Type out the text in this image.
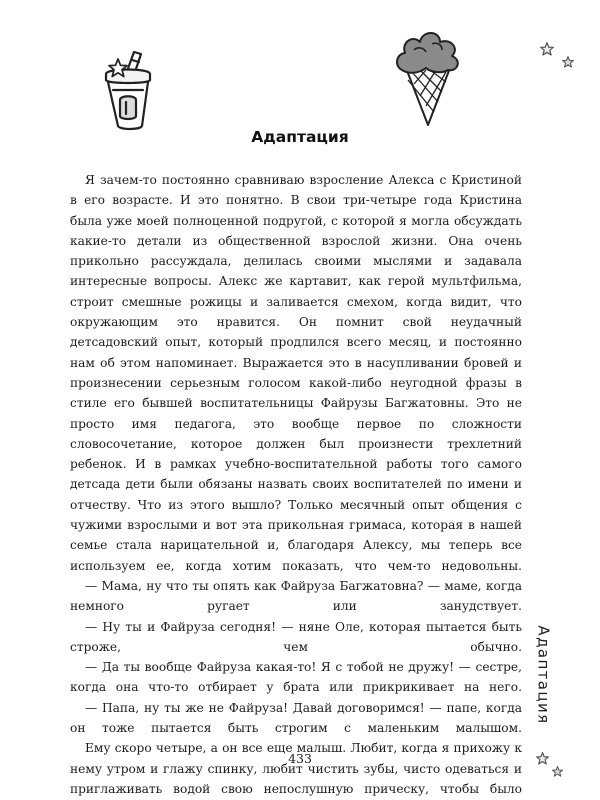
Адаптация

Я зачем-то постоянно сравниваю взросление Алекса с Кристиной в его возрасте. И это понятно. В свои три-четыре года Кристина была уже моей полноценной подругой, с которой я могла обсуждать какие-то детали из общественной взрослой жизни. Она очень прикольно рассуждала, делилась своими мыслями и задавала интересные вопросы. Алекс же картавит, как герой мультфильма, строит смешные рожицы и заливается смехом, когда видит, что окружающим это нравится. Он помнит свой неудачный детсадовский опыт, который продлился всего месяц, и постоянно нам об этом напоминает. Выражается это в насупливании бровей и произнесении серьезным голосом какой-либо неугодной фразы в стиле его бывшей воспитательницы Файрузы Багжатовны. Это не просто имя педагога, это вообще первое по сложности словосочетание, которое должен был произнести трехлетний ребенок. И в рамках учебно-воспитательной работы того самого детсада дети были обязаны назвать своих воспитателей по имени и отчеству. Что из этого вышло? Только месячный опыт общения с чужими взрослыми и вот эта прикольная гримаса, которая в нашей семье стала нарицательной и, благодаря Алексу, мы теперь все используем ее, когда хотим показать, что чем-то недовольны.

— Мама, ну что ты опять как Файруза Багжатовна? — маме, когда немного ругает или занудствует.

— Ну ты и Файруза сегодня! — няне Оле, которая пытается быть строже, чем обычно.

— Да ты вообще Файруза какая-то! Я с тобой не дружу! — сестре, когда она что-то отбирает у брата или прикрикивает на него.

— Папа, ну ты же не Файруза! Давай договоримся! — папе, когда он тоже пытается быть строгим с маленьким малышом.

Ему скоро четыре, а он все еще малыш. Любит, когда я прихожу к нему утром и глажу спинку, любит чистить зубы, чисто одеваться и приглаживать водой свою непослушную прическу, чтобы было

Адаптация
433
